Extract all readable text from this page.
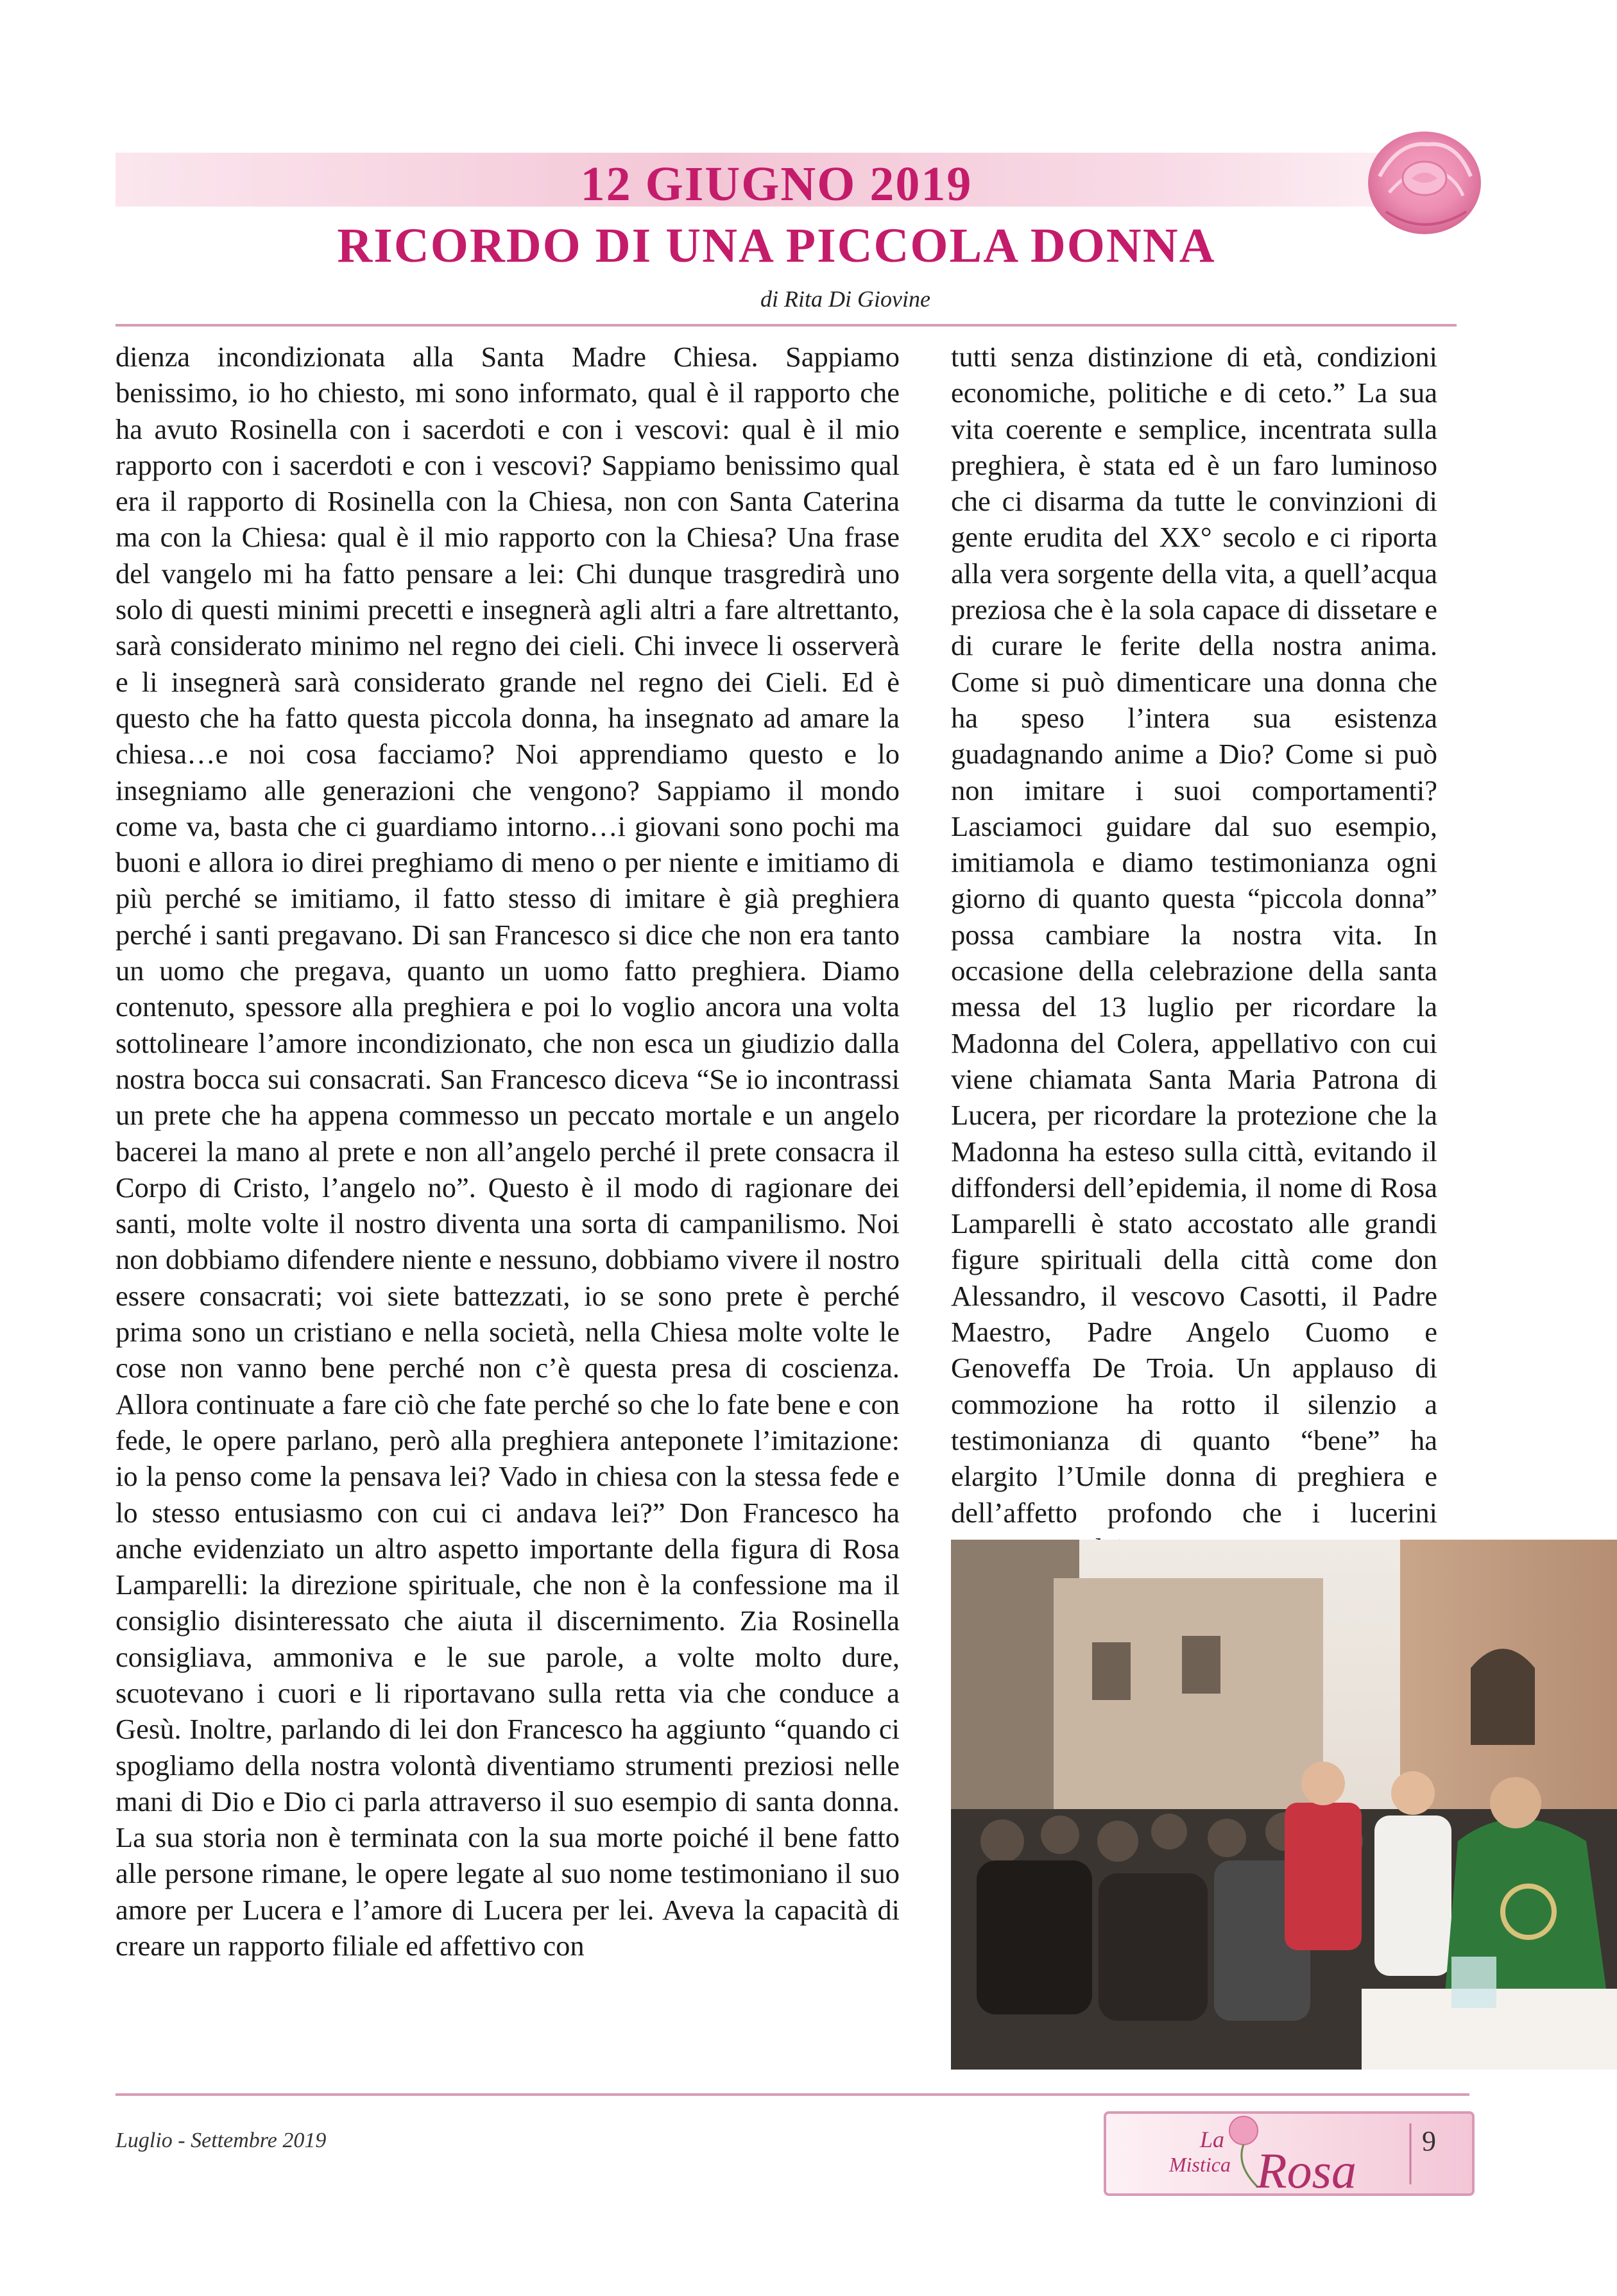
12 GIUGNO 2019
RICORDO DI UNA PICCOLA DONNA
di Rita Di Giovine
dienza incondizionata alla Santa Madre Chiesa. Sappiamo benissimo, io ho chiesto, mi sono informato, qual è il rapporto che ha avuto Rosinella con i sacerdoti e con i vescovi: qual è il mio rapporto con i sacerdoti e con i vescovi? Sappiamo benissimo qual era il rapporto di Rosinella con la Chiesa, non con Santa Caterina ma con la Chiesa: qual è il mio rapporto con la Chiesa? Una frase del vangelo mi ha fatto pensare a lei: Chi dunque trasgredirà uno solo di questi minimi precetti e insegnerà agli altri a fare altrettanto, sarà considerato minimo nel regno dei cieli. Chi invece li osserverà e li insegnerà sarà considerato grande nel regno dei Cieli. Ed è questo che ha fatto questa piccola donna, ha insegnato ad amare la chiesa…e noi cosa facciamo? Noi apprendiamo questo e lo insegniamo alle generazioni che vengono? Sappiamo il mondo come va, basta che ci guardiamo intorno…i giovani sono pochi ma buoni e allora io direi preghiamo di meno o per niente e imitiamo di più perché se imitiamo, il fatto stesso di imitare è già preghiera perché i santi pregavano. Di san Francesco si dice che non era tanto un uomo che pregava, quanto un uomo fatto preghiera. Diamo contenuto, spessore alla preghiera e poi lo voglio ancora una volta sottolineare l’amore incondizionato, che non esca un giudizio dalla nostra bocca sui consacrati. San Francesco diceva “Se io incontrassi un prete che ha appena commesso un peccato mortale e un angelo bacerei la mano al prete e non all’angelo perché il prete consacra il Corpo di Cristo, l’angelo no”. Questo è il modo di ragionare dei santi, molte volte il nostro diventa una sorta di campanilismo. Noi non dobbiamo difendere niente e nessuno, dobbiamo vivere il nostro essere consacrati; voi siete battezzati, io se sono prete è perché prima sono un cristiano e nella società, nella Chiesa molte volte le cose non vanno bene perché non c’è questa presa di coscienza. Allora continuate a fare ciò che fate perché so che lo fate bene e con fede, le opere parlano, però alla preghiera anteponete l’imitazione: io la penso come la pensava lei? Vado in chiesa con la stessa fede e lo stesso entusiasmo con cui ci andava lei?” Don Francesco ha anche evidenziato un altro aspetto importante della figura di Rosa Lamparelli: la direzione spirituale, che non è la confessione ma il consiglio disinteressato che aiuta il discernimento. Zia Rosinella consigliava, ammoniva e le sue parole, a volte molto dure, scuotevano i cuori e li riportavano sulla retta via che conduce a Gesù. Inoltre, parlando di lei don Francesco ha aggiunto “quando ci spogliamo della nostra volontà diventiamo strumenti preziosi nelle mani di Dio e Dio ci parla attraverso il suo esempio di santa donna. La sua storia non è terminata con la sua morte poiché il bene fatto alle persone rimane, le opere legate al suo nome testimoniano il suo amore per Lucera e l’amore di Lucera per lei. Aveva la capacità di creare un rapporto filiale ed affettivo con
tutti senza distinzione di età, condizioni economiche, politiche e di ceto.” La sua vita coerente e semplice, incentrata sulla preghiera, è stata ed è un faro luminoso che ci disarma da tutte le convinzioni di gente erudita del XX° secolo e ci riporta alla vera sorgente della vita, a quell’acqua preziosa che è la sola capace di dissetare e di curare le ferite della nostra anima. Come si può dimenticare una donna che ha speso l’intera sua esistenza guadagnando anime a Dio? Come si può non imitare i suoi comportamenti? Lasciamoci guidare dal suo esempio, imitiamola e diamo testimonianza ogni giorno di quanto questa “piccola donna” possa cambiare la nostra vita. In occasione della celebrazione della santa messa del 13 luglio per ricordare la Madonna del Colera, appellativo con cui viene chiamata Santa Maria Patrona di Lucera, per ricordare la protezione che la Madonna ha esteso sulla città, evitando il diffondersi dell’epidemia, il nome di Rosa Lamparelli è stato accostato alle grandi figure spirituali della città come don Alessandro, il vescovo Casotti, il Padre Maestro, Padre Angelo Cuomo e Genoveffa De Troia. Un applauso di commozione ha rotto il silenzio a testimonianza di quanto “bene” ha elargito l’Umile donna di preghiera e dell’affetto profondo che i lucerini
Luglio - Settembre 2019	La
Mistica Rosa
9
